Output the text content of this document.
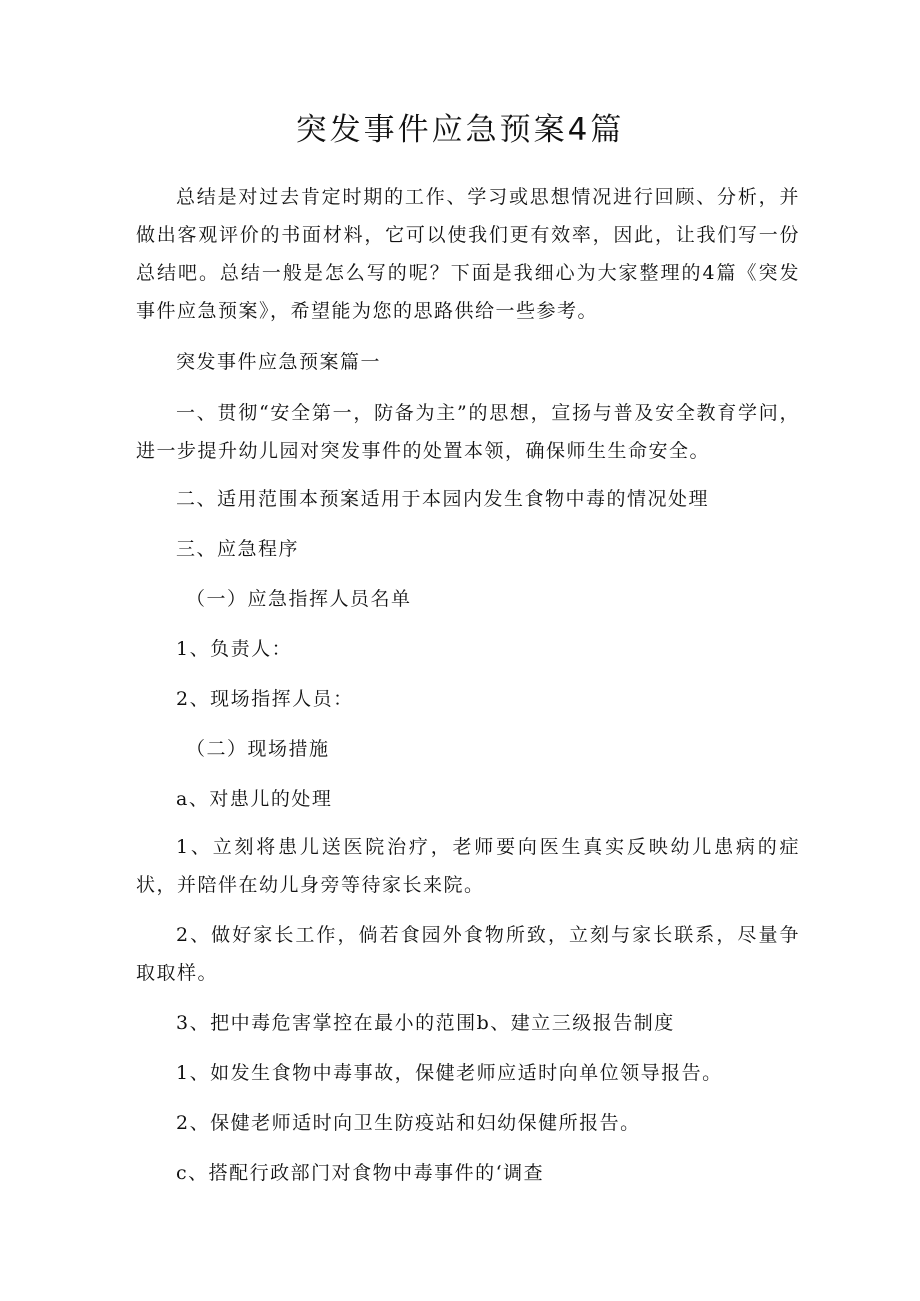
突发事件应急预案4篇

总结是对过去肯定时期的工作、学习或思想情况进行回顾、分析，并做出客观评价的书面材料，它可以使我们更有效率，因此，让我们写一份总结吧。总结一般是怎么写的呢？下面是我细心为大家整理的4篇《突发事件应急预案》，希望能为您的思路供给一些参考。

突发事件应急预案篇一

一、贯彻“安全第一，防备为主”的思想，宣扬与普及安全教育学问，进一步提升幼儿园对突发事件的处置本领，确保师生生命安全。

二、适用范围本预案适用于本园内发生食物中毒的情况处理

三、应急程序

（一）应急指挥人员名单

1、负责人：

2、现场指挥人员：

（二）现场措施

a、对患儿的处理

1、立刻将患儿送医院治疗，老师要向医生真实反映幼儿患病的症状，并陪伴在幼儿身旁等待家长来院。

2、做好家长工作，倘若食园外食物所致，立刻与家长联系，尽量争取取样。

3、把中毒危害掌控在最小的范围b、建立三级报告制度

1、如发生食物中毒事故，保健老师应适时向单位领导报告。

2、保健老师适时向卫生防疫站和妇幼保健所报告。

c、搭配行政部门对食物中毒事件的‘调查
